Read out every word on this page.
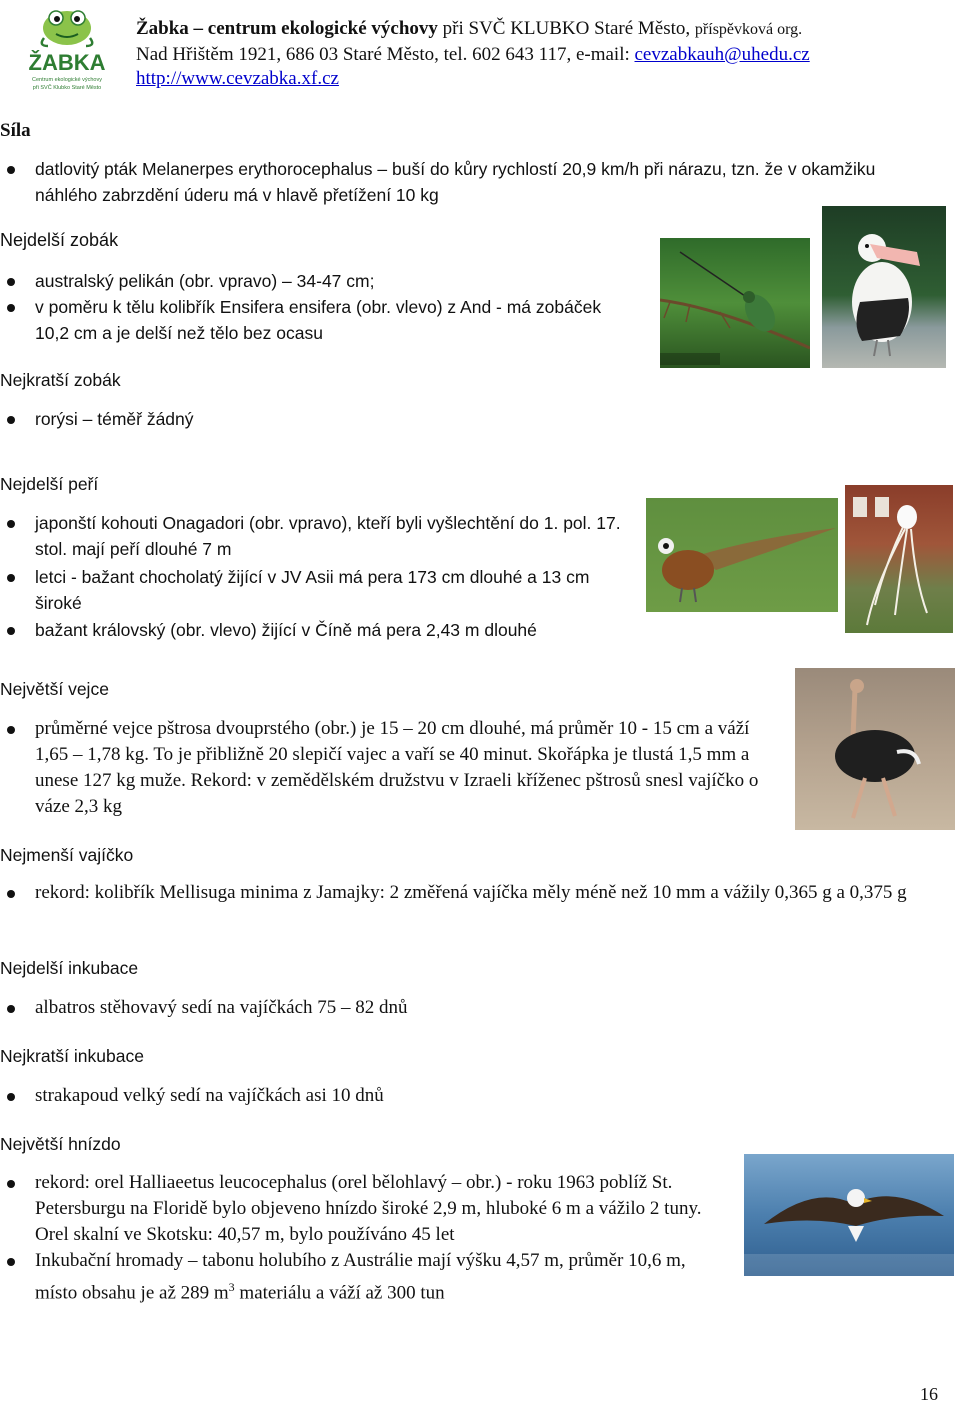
ŽABKA
Centrum ekologické výchovy
při SVČ Klubko Staré Město
Žabka – centrum ekologické výchovy při SVČ KLUBKO Staré Město, příspěvková org.
Nad Hřištěm 1921, 686 03 Staré Město, tel. 602 643 117, e-mail: cevzabkauh@uhedu.cz
http://www.cevzabka.xf.cz
Síla
datlovitý pták Melanerpes erythorocephalus – buší do kůry rychlostí 20,9 km/h při nárazu, tzn. že v okamžiku náhlého zabrzdění úderu má v hlavě přetížení 10 kg
Nejdelší zobák
australský pelikán (obr. vpravo) – 34-47 cm;
v poměru k tělu kolibřík Ensifera ensifera (obr. vlevo) z And - má zobáček 10,2 cm a je delší než tělo bez ocasu
Nejkratší zobák
rorýsi – téměř žádný
Nejdelší peří
japonští kohouti Onagadori (obr. vpravo), kteří byli vyšlechtění do 1. pol. 17. stol. mají peří dlouhé 7 m
letci - bažant chocholatý žijící v JV Asii má pera 173 cm dlouhé a 13 cm široké
bažant královský (obr. vlevo) žijící v Číně má pera 2,43 m dlouhé
Největší vejce
průměrné vejce pštrosa dvouprstého (obr.) je 15 – 20 cm dlouhé, má průměr 10 - 15 cm a váží 1,65 – 1,78 kg. To je přibližně 20 slepičí vajec a vaří se 40 minut. Skořápka je tlustá 1,5 mm a unese 127 kg muže. Rekord: v zemědělském družstvu v Izraeli kříženec pštrosů snesl vajíčko o váze 2,3 kg
Nejmenší vajíčko
rekord: kolibřík Mellisuga minima z Jamajky: 2 změřená vajíčka měly méně než 10 mm a vážily 0,365 g a 0,375 g
Nejdelší inkubace
albatros stěhovavý sedí na vajíčkách 75 – 82 dnů
Nejkratší inkubace
strakapoud velký sedí na vajíčkách asi 10 dnů
Největší hnízdo
rekord: orel Halliaeetus leucocephalus (orel bělohlavý – obr.) - roku 1963 poblíž St. Petersburgu na Floridě bylo objeveno hnízdo široké 2,9 m, hluboké 6 m a vážilo 2 tuny. Orel skalní ve Skotsku: 40,57 m, bylo používáno 45 let
Inkubační hromady – tabonu holubího z Austrálie mají výšku 4,57 m, průměr 10,6 m, místo obsahu je až 289 $m^3$ materiálu a váží až 300 tun
16
